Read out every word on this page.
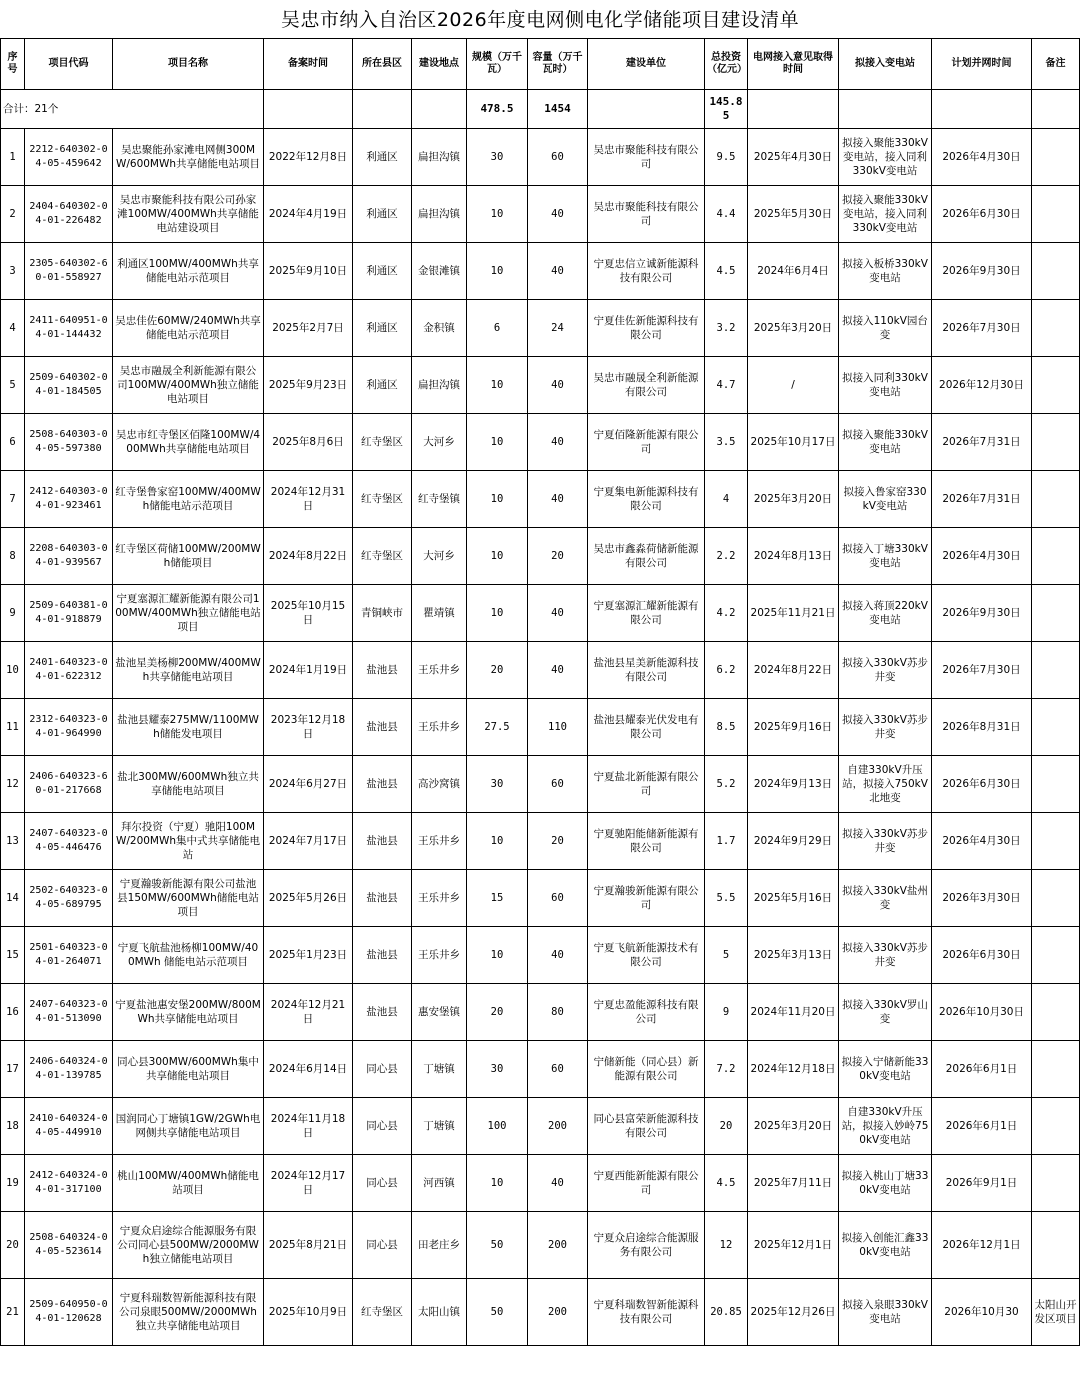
吴忠市纳入自治区2026年度电网侧电化学储能项目建设清单
序号	项目代码	项目名称	备案时间	所在县区	建设地点	规模（万千瓦）	容量（万千瓦时）	建设单位	总投资（亿元）	电网接入意见取得时间	拟接入变电站	计划并网时间	备注
合计：21个						478.5	1454		145.85				
1	2212-640302-04-05-459642	吴忠聚能孙家滩电网侧300MW/600MWh共享储能电站项目	2022年12月8日	利通区	扁担沟镇	30	60	吴忠市聚能科技有限公司	9.5	2025年4月30日	拟接入聚能330kV变电站，接入同利330kV变电站	2026年4月30日	
2	2404-640302-04-01-226482	吴忠市聚能科技有限公司孙家滩100MW/400MWh共享储能电站建设项目	2024年4月19日	利通区	扁担沟镇	10	40	吴忠市聚能科技有限公司	4.4	2025年5月30日	拟接入聚能330kV变电站，接入同利330kV变电站	2026年6月30日	
3	2305-640302-60-01-558927	利通区100MW/400MWh共享储能电站示范项目	2025年9月10日	利通区	金银滩镇	10	40	宁夏忠信立诚新能源科技有限公司	4.5	2024年6月4日	拟接入板桥330kV变电站	2026年9月30日	
4	2411-640951-04-01-144432	吴忠佳佐60MW/240MWh共享储能电站示范项目	2025年2月7日	利通区	金积镇	6	24	宁夏佳佐新能源科技有限公司	3.2	2025年3月20日	拟接入110kV园台变	2026年7月30日	
5	2509-640302-04-01-184505	吴忠市融晟全利新能源有限公司100MW/400MWh独立储能电站项目	2025年9月23日	利通区	扁担沟镇	10	40	吴忠市融晟全利新能源有限公司	4.7	/	拟接入同利330kV变电站	2026年12月30日	
6	2508-640303-04-05-597380	吴忠市红寺堡区佰隆100MW/400MWh共享储能电站项目	2025年8月6日	红寺堡区	大河乡	10	40	宁夏佰隆新能源有限公司	3.5	2025年10月17日	拟接入聚能330kV变电站	2026年7月31日	
7	2412-640303-04-01-923461	红寺堡鲁家窑100MW/400MWh储能电站示范项目	2024年12月31日	红寺堡区	红寺堡镇	10	40	宁夏集电新能源科技有限公司	4	2025年3月20日	拟接入鲁家窑330kV变电站	2026年7月31日	
8	2208-640303-04-01-939567	红寺堡区荷储100MW/200MWh储能项目	2024年8月22日	红寺堡区	大河乡	10	20	吴忠市鑫淼荷储新能源有限公司	2.2	2024年8月13日	拟接入丁塘330kV变电站	2026年4月30日	
9	2509-640381-04-01-918879	宁夏塞源汇耀新能源有限公司100MW/400MWh独立储能电站项目	2025年10月15日	青铜峡市	瞿靖镇	10	40	宁夏塞源汇耀新能源有限公司	4.2	2025年11月21日	拟接入蒋顶220kV变电站	2026年9月30日	
10	2401-640323-04-01-622312	盐池星美杨柳200MW/400MWh共享储能电站项目	2024年1月19日	盐池县	王乐井乡	20	40	盐池县星美新能源科技有限公司	6.2	2024年8月22日	拟接入330kV苏步井变	2026年7月30日	
11	2312-640323-04-01-964990	盐池县耀泰275MW/1100MWh储能发电项目	2023年12月18日	盐池县	王乐井乡	27.5	110	盐池县耀泰光伏发电有限公司	8.5	2025年9月16日	拟接入330kV苏步井变	2026年8月31日	
12	2406-640323-60-01-217668	盐北300MW/600MWh独立共享储能电站项目	2024年6月27日	盐池县	高沙窝镇	30	60	宁夏盐北新能源有限公司	5.2	2024年9月13日	自建330kV升压站，拟接入750kV北地变	2026年6月30日	
13	2407-640323-04-05-446476	拜尔投资（宁夏）驰阳100MW/200MWh集中式共享储能电站	2024年7月17日	盐池县	王乐井乡	10	20	宁夏驰阳能储新能源有限公司	1.7	2024年9月29日	拟接入330kV苏步井变	2026年4月30日	
14	2502-640323-04-05-689795	宁夏瀚骏新能源有限公司盐池县150MW/600MWh储能电站项目	2025年5月26日	盐池县	王乐井乡	15	60	宁夏瀚骏新能源有限公司	5.5	2025年5月16日	拟接入330kV盐州变	2026年3月30日	
15	2501-640323-04-01-264071	宁夏飞航盐池杨柳100MW/400MWh 储能电站示范项目	2025年1月23日	盐池县	王乐井乡	10	40	宁夏飞航新能源技术有限公司	5	2025年3月13日	拟接入330kV苏步井变	2026年6月30日	
16	2407-640323-04-01-513090	宁夏盐池惠安堡200MW/800MWh共享储能电站项目	2024年12月21日	盐池县	惠安堡镇	20	80	宁夏忠盈能源科技有限公司	9	2024年11月20日	拟接入330kV罗山变	2026年10月30日	
17	2406-640324-04-01-139785	同心县300MW/600MWh集中共享储能电站项目	2024年6月14日	同心县	丁塘镇	30	60	宁储新能（同心县）新能源有限公司	7.2	2024年12月18日	拟接入宁储新能330kV变电站	2026年6月1日	
18	2410-640324-04-05-449910	国润同心丁塘镇1GW/2GWh电网侧共享储能电站项目	2024年11月18日	同心县	丁塘镇	100	200	同心县富荣新能源科技有限公司	20	2025年3月20日	自建330kV升压站，拟接入妙岭750kV变电站	2026年6月1日	
19	2412-640324-04-01-317100	桃山100MW/400MWh储能电站项目	2024年12月17日	同心县	河西镇	10	40	宁夏西能新能源有限公司	4.5	2025年7月11日	拟接入桃山丁塘330kV变电站	2026年9月1日	
20	2508-640324-04-05-523614	宁夏众启途综合能源服务有限公司同心县500MW/2000MWh独立储能电站项目	2025年8月21日	同心县	田老庄乡	50	200	宁夏众启途综合能源服务有限公司	12	2025年12月1日	拟接入创能汇鑫330kV变电站	2026年12月1日	
21	2509-640950-04-01-120628	宁夏科瑞数智新能源科技有限公司泉眼500MW/2000MWh独立共享储能电站项目	2025年10月9日	红寺堡区	太阳山镇	50	200	宁夏科瑞数智新能源科技有限公司	20.85	2025年12月26日	拟接入泉眼330kV变电站	2026年10月30	太阳山开发区项目
